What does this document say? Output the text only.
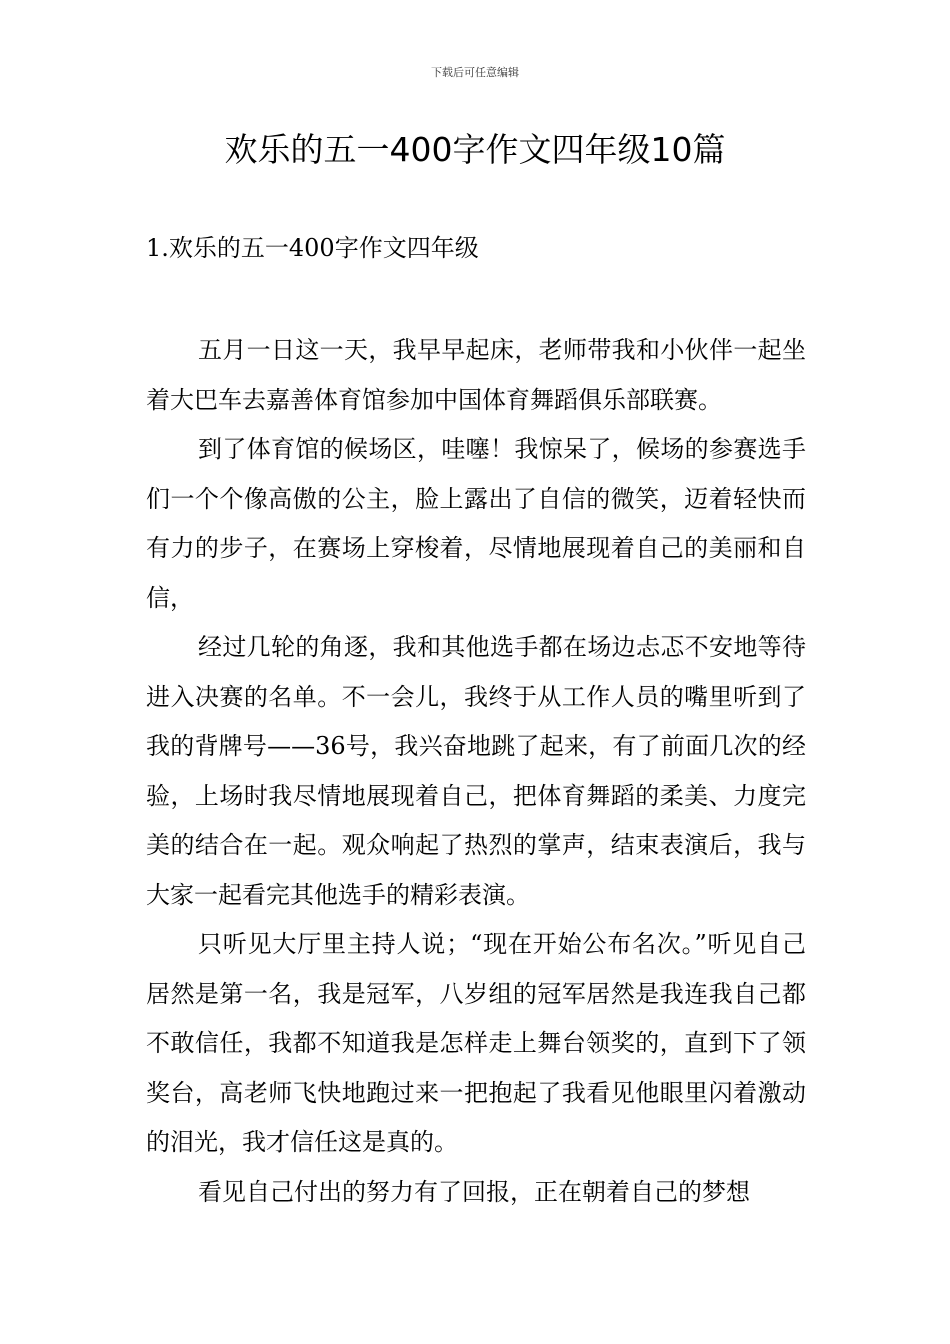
下载后可任意编辑
欢乐的五一400字作文四年级10篇
1.欢乐的五一400字作文四年级

五月一日这一天，我早早起床，老师带我和小伙伴一起坐着大巴车去嘉善体育馆参加中国体育舞蹈俱乐部联赛。

到了体育馆的候场区，哇噻！我惊呆了，候场的参赛选手们一个个像高傲的公主，脸上露出了自信的微笑，迈着轻快而有力的步子，在赛场上穿梭着，尽情地展现着自己的美丽和自信，

经过几轮的角逐，我和其他选手都在场边忐忑不安地等待进入决赛的名单。不一会儿，我终于从工作人员的嘴里听到了我的背牌号——36号，我兴奋地跳了起来，有了前面几次的经验，上场时我尽情地展现着自己，把体育舞蹈的柔美、力度完美的结合在一起。观众响起了热烈的掌声，结束表演后，我与大家一起看完其他选手的精彩表演。

只听见大厅里主持人说；“现在开始公布名次。”听见自己居然是第一名，我是冠军，八岁组的冠军居然是我连我自己都不敢信任，我都不知道我是怎样走上舞台领奖的，直到下了领奖台，高老师飞快地跑过来一把抱起了我看见他眼里闪着激动的泪光，我才信任这是真的。

看见自己付出的努力有了回报，正在朝着自己的梦想
